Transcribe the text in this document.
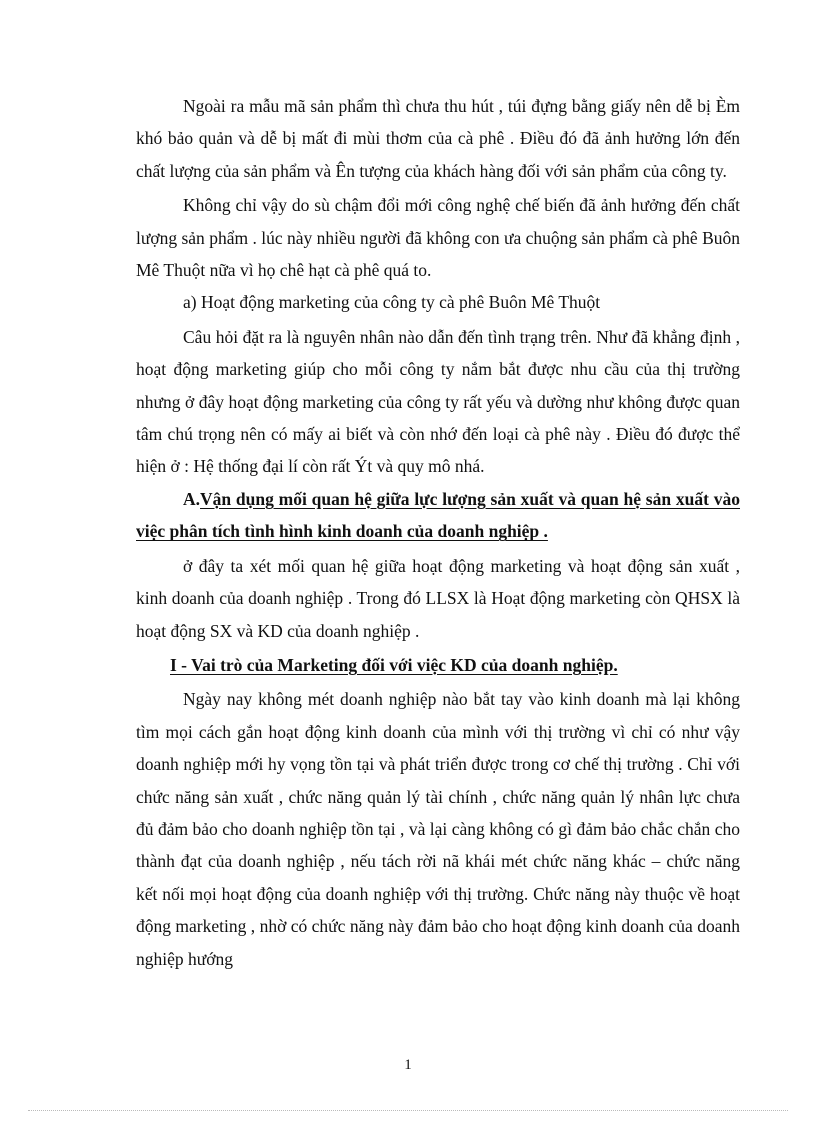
Ngoài ra mẫu mã sản phẩm thì chưa thu hút , túi đựng bằng giấy nên dễ bị Èm khó bảo quản và dễ bị mất đi mùi thơm của cà phê . Điều đó đã ảnh hưởng lớn đến chất lượng của sản phẩm và Ên tượng của khách hàng đối với sản phẩm của công ty.

Không chỉ vậy do sù chậm đổi mới công nghệ chế biến đã ảnh hưởng đến chất lượng sản phẩm . lúc này nhiều người đã không con ưa chuộng sản phẩm cà phê Buôn Mê Thuột nữa vì họ chê hạt cà phê quá to.

a) Hoạt động marketing của công ty cà phê Buôn Mê Thuột

Câu hỏi đặt ra là nguyên nhân nào dẫn đến tình trạng trên. Như đã khẳng định , hoạt động marketing giúp cho mỗi công ty nắm bắt được nhu cầu của thị trường nhưng ở đây hoạt động marketing của công ty rất yếu và dường như không được quan tâm chú trọng nên có mấy ai biết và còn nhớ đến loại cà phê này . Điều đó được thể hiện ở : Hệ thống đại lí còn rất Ýt và quy mô nhá.

A.Vận dụng mối quan hệ giữa lực lượng sản xuất và quan hệ sản xuất vào việc phân tích tình hình kinh doanh của doanh nghiệp .

ở đây ta xét mối quan hệ giữa hoạt động marketing và hoạt động sản xuất , kinh doanh của doanh nghiệp . Trong đó LLSX là Hoạt động marketing còn QHSX là hoạt động SX và KD của doanh nghiệp .

I - Vai trò của Marketing đối với việc KD của doanh nghiệp.

Ngày nay không mét doanh nghiệp nào bắt tay vào kinh doanh mà lại không tìm mọi cách gắn hoạt động kinh doanh của mình với thị trường vì chỉ có như vậy doanh nghiệp mới hy vọng tồn tại và phát triển được trong cơ chế thị trường . Chỉ với chức năng sản xuất , chức năng quản lý tài chính , chức năng quản lý nhân lực chưa đủ đảm bảo cho doanh nghiệp tồn tại , và lại càng không có gì đảm bảo chắc chắn cho thành đạt của doanh nghiệp , nếu tách rời nã khái mét chức năng khác – chức năng kết nối mọi hoạt động của doanh nghiệp với thị trường. Chức năng này thuộc về hoạt động marketing , nhờ có chức năng này đảm bảo cho hoạt động kinh doanh của doanh nghiệp hướng

1
